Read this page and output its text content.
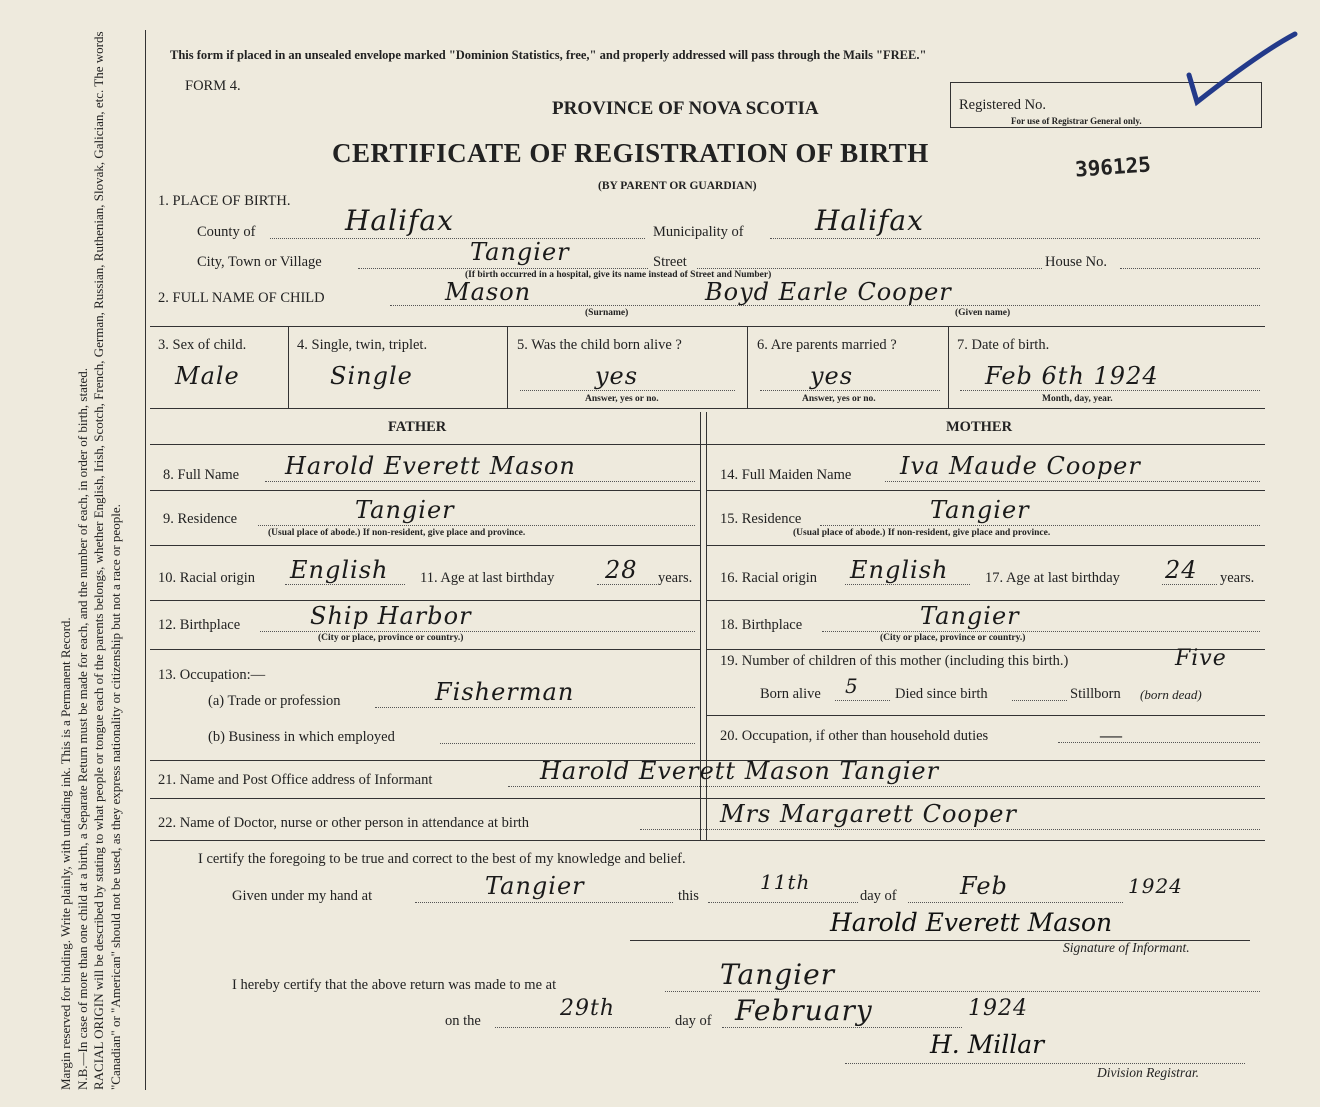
Margin reserved for binding. Write plainly, with unfading ink. This is a Permanent Record. N.B.—In case of more than one child at a birth, a Separate Return must be made for each, and the number of each, in order of birth, stated. RACIAL ORIGIN will be described by stating to what people or tongue each of the parents belongs, whether English, Irish, Scotch, French, German, Russian, Ruthenian, Slovak, Galician, etc. The words "Canadian" or "American" should not be used, as they express nationality or citizenship but not a race or people.
This form if placed in an unsealed envelope marked "Dominion Statistics, free," and properly addressed will pass through the Mails "FREE."
FORM 4.
PROVINCE OF NOVA SCOTIA
CERTIFICATE OF REGISTRATION OF BIRTH
(BY PARENT OR GUARDIAN)
Registered No.
For use of Registrar General only.
396125
1. PLACE OF BIRTH.
County of	Halifax	Municipality of	Halifax
City, Town or Village	Tangier	Street	House No.
(If birth occurred in a hospital, give its name instead of Street and Number)
2. FULL NAME OF CHILD	Mason	Boyd Earle Cooper
(Surname)	(Given name)
3. Sex of child.
Male
4. Single, twin, triplet.
Single
5. Was the child born alive ?
yes
Answer, yes or no.
6. Are parents married ?
yes
Answer, yes or no.
7. Date of birth.
Feb 6th 1924
Month, day, year.
FATHER	MOTHER
8. Full Name Harold Everett Mason
9. Residence	Tangier
(Usual place of abode.) If non-resident, give place and province.
10. Racial origin English 11. Age at last birthday 28 years.
12. Birthplace	Ship Harbor
(City or place, province or country.)
13. Occupation:—
(a) Trade or profession	Fisherman
(b) Business in which employed
14. Full Maiden Name Iva Maude Cooper
15. Residence	Tangier
(Usual place of abode.) If non-resident, give place and province.
16. Racial origin English	17. Age at last birthday 24 years.
18. Birthplace	Tangier
(City or place, province or country.)
19. Number of children of this mother (including this birth.)	Five
Born alive 5	Died since birth	Stillborn (born dead)
20. Occupation, if other than household duties	—
21. Name and Post Office address of Informant	Harold Everett Mason Tangier
22. Name of Doctor, nurse or other person in attendance at birth	Mrs Margarett Cooper
I certify the foregoing to be true and correct to the best of my knowledge and belief.
Given under my hand at	Tangier	this
11th
day of	Feb	1924
Harold Everett Mason
Signature of Informant.
I hereby certify that the above return was made to me at	Tangier
on the	29th	day of February	1924
H. Millar
Division Registrar.
